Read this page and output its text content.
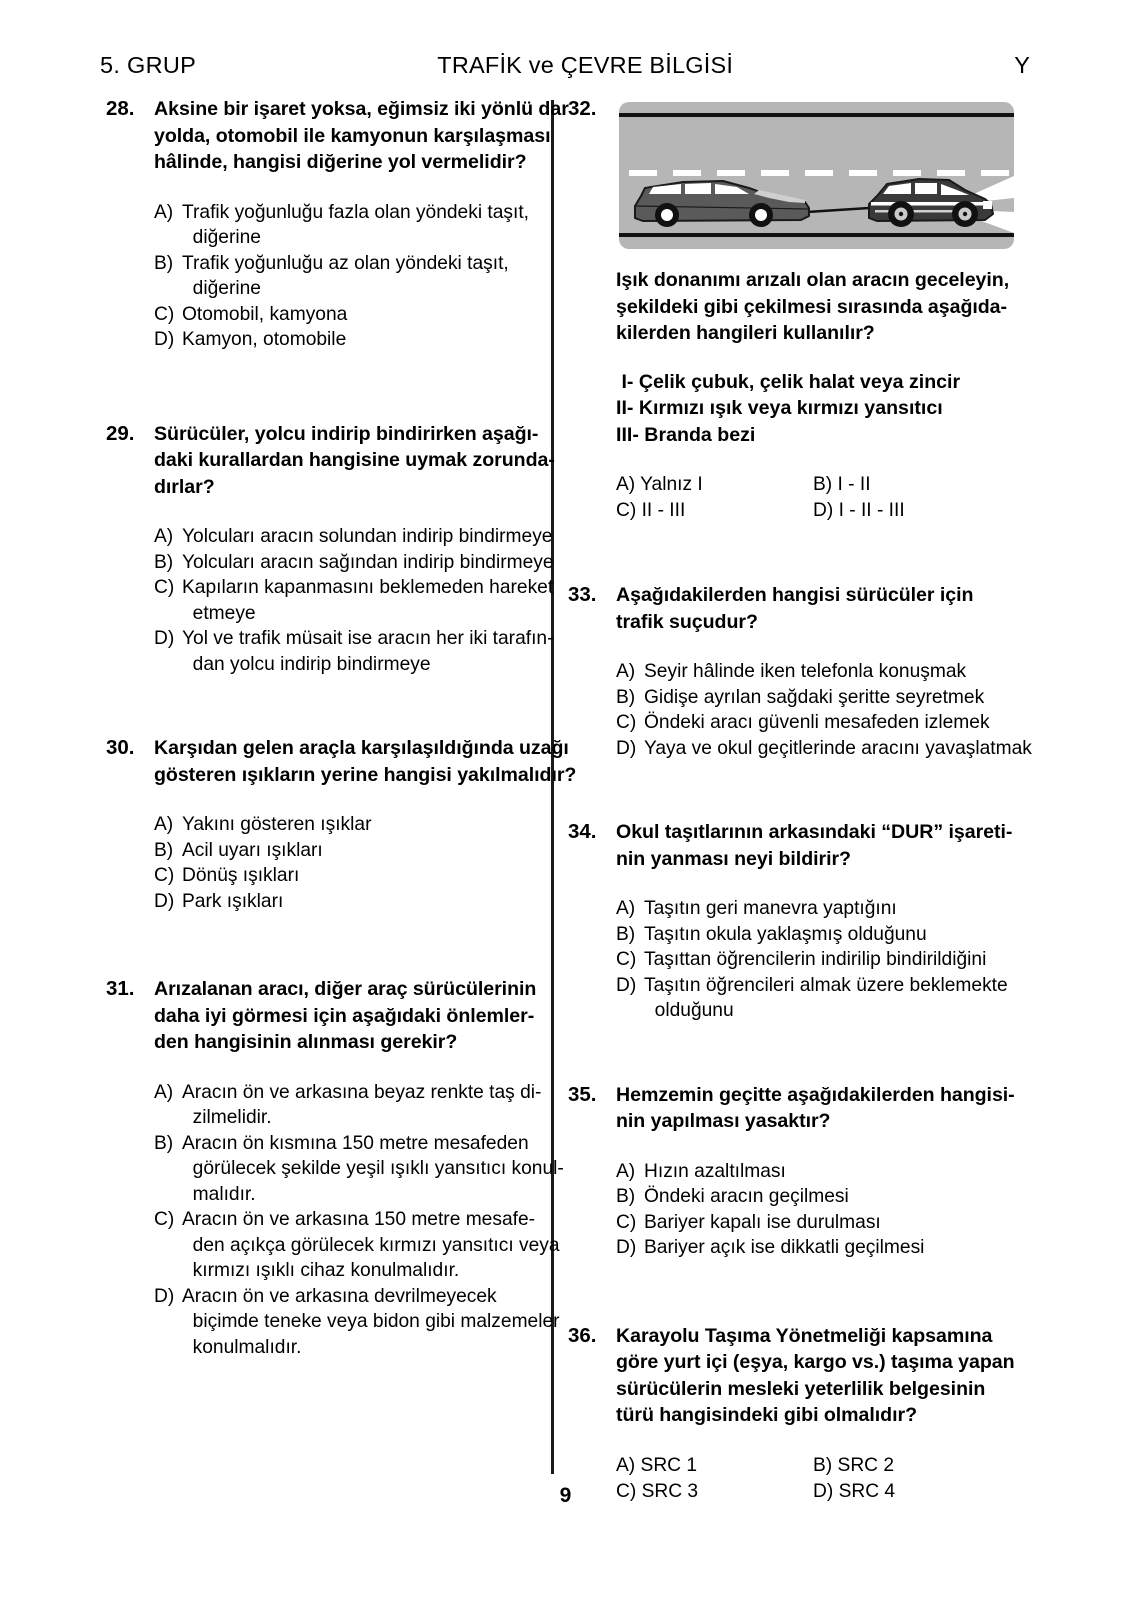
5. GRUP	TRAFİK ve ÇEVRE BİLGİSİ	Y
28. Aksine bir işaret yoksa, eğimsiz iki yönlü dar
yolda, otomobil ile kamyonun karşılaşması
hâlinde, hangisi diğerine yol vermelidir?
A) Trafik yoğunluğu fazla olan yöndeki taşıt,
diğerine
B) Trafik yoğunluğu az olan yöndeki taşıt,
diğerine
C) Otomobil, kamyona
D) Kamyon, otomobile
29. Sürücüler, yolcu indirip bindirirken aşağı-
daki kurallardan hangisine uymak zorunda-
dırlar?
A) Yolcuları aracın solundan indirip bindirmeye
B) Yolcuları aracın sağından indirip bindirmeye
C) Kapıların kapanmasını beklemeden hareket
etmeye
D) Yol ve trafik müsait ise aracın her iki tarafın-
dan yolcu indirip bindirmeye
30. Karşıdan gelen araçla karşılaşıldığında uzağı
gösteren ışıkların yerine hangisi yakılmalıdır?
A) Yakını gösteren ışıklar
B) Acil uyarı ışıkları
C) Dönüş ışıkları
D) Park ışıkları
31. Arızalanan aracı, diğer araç sürücülerinin
daha iyi görmesi için aşağıdaki önlemler-
den hangisinin alınması gerekir?
A) Aracın ön ve arkasına beyaz renkte taş di-
zilmelidir.
B) Aracın ön kısmına 150 metre mesafeden
görülecek şekilde yeşil ışıklı yansıtıcı konul-
malıdır.
C) Aracın ön ve arkasına 150 metre mesafe-
den açıkça görülecek kırmızı yansıtıcı veya
kırmızı ışıklı cihaz konulmalıdır.
D) Aracın ön ve arkasına devrilmeyecek
biçimde teneke veya bidon gibi malzemeler
konulmalıdır.
32.
Işık donanımı arızalı olan aracın geceleyin,
şekildeki gibi çekilmesi sırasında aşağıda-
kilerden hangileri kullanılır?
I- Çelik çubuk, çelik halat veya zincir
II- Kırmızı ışık veya kırmızı yansıtıcı
III- Branda bezi
A) Yalnız I	B) I - II
C) II - III	D) I - II - III
33. Aşağıdakilerden hangisi sürücüler için
trafik suçudur?
A) Seyir hâlinde iken telefonla konuşmak
B) Gidişe ayrılan sağdaki şeritte seyretmek
C) Öndeki aracı güvenli mesafeden izlemek
D) Yaya ve okul geçitlerinde aracını yavaşlatmak
34. Okul taşıtlarının arkasındaki “DUR” işareti-
nin yanması neyi bildirir?
A) Taşıtın geri manevra yaptığını
B) Taşıtın okula yaklaşmış olduğunu
C) Taşıttan öğrencilerin indirilip bindirildiğini
D) Taşıtın öğrencileri almak üzere beklemekte
olduğunu
35. Hemzemin geçitte aşağıdakilerden hangisi-
nin yapılması yasaktır?
A) Hızın azaltılması
B) Öndeki aracın geçilmesi
C) Bariyer kapalı ise durulması
D) Bariyer açık ise dikkatli geçilmesi
36. Karayolu Taşıma Yönetmeliği kapsamına
göre yurt içi (eşya, kargo vs.) taşıma yapan
sürücülerin mesleki yeterlilik belgesinin
türü hangisindeki gibi olmalıdır?
A) SRC 1	B) SRC 2
C) SRC 3	D) SRC 4
9
